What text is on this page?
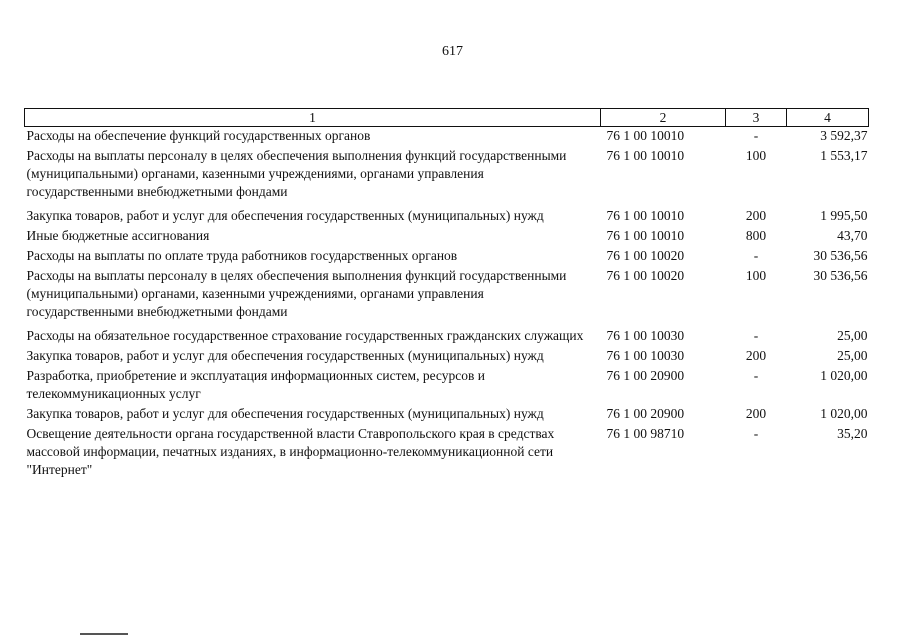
617
1	2	3	4
Расходы на обеспечение функций государственных органов	76 1 00 10010	-	3 592,37
Расходы на выплаты персоналу в целях обеспечения выполнения функций государственными (муниципальными) органами, казенными учреждениями, органами управления государственными внебюджетными фондами	76 1 00 10010	100	1 553,17
Закупка товаров, работ и услуг для обеспечения государственных (муниципальных) нужд	76 1 00 10010	200	1 995,50
Иные бюджетные ассигнования	76 1 00 10010	800	43,70
Расходы на выплаты по оплате труда работников государственных органов	76 1 00 10020	-	30 536,56
Расходы на выплаты персоналу в целях обеспечения выполнения функций государственными (муниципальными) органами, казенными учреждениями, органами управления государственными внебюджетными фондами	76 1 00 10020	100	30 536,56
Расходы на обязательное государственное страхование государственных гражданских служащих	76 1 00 10030	-	25,00
Закупка товаров, работ и услуг для обеспечения государственных (муниципальных) нужд	76 1 00 10030	200	25,00
Разработка, приобретение и эксплуатация информационных систем, ресурсов и телекоммуникационных услуг	76 1 00 20900	-	1 020,00
Закупка товаров, работ и услуг для обеспечения государственных (муниципальных) нужд	76 1 00 20900	200	1 020,00
Освещение деятельности органа государственной власти Ставропольского края в средствах массовой информации, печатных изданиях, в информационно-телекоммуникационной сети "Интернет"	76 1 00 98710	-	35,20
